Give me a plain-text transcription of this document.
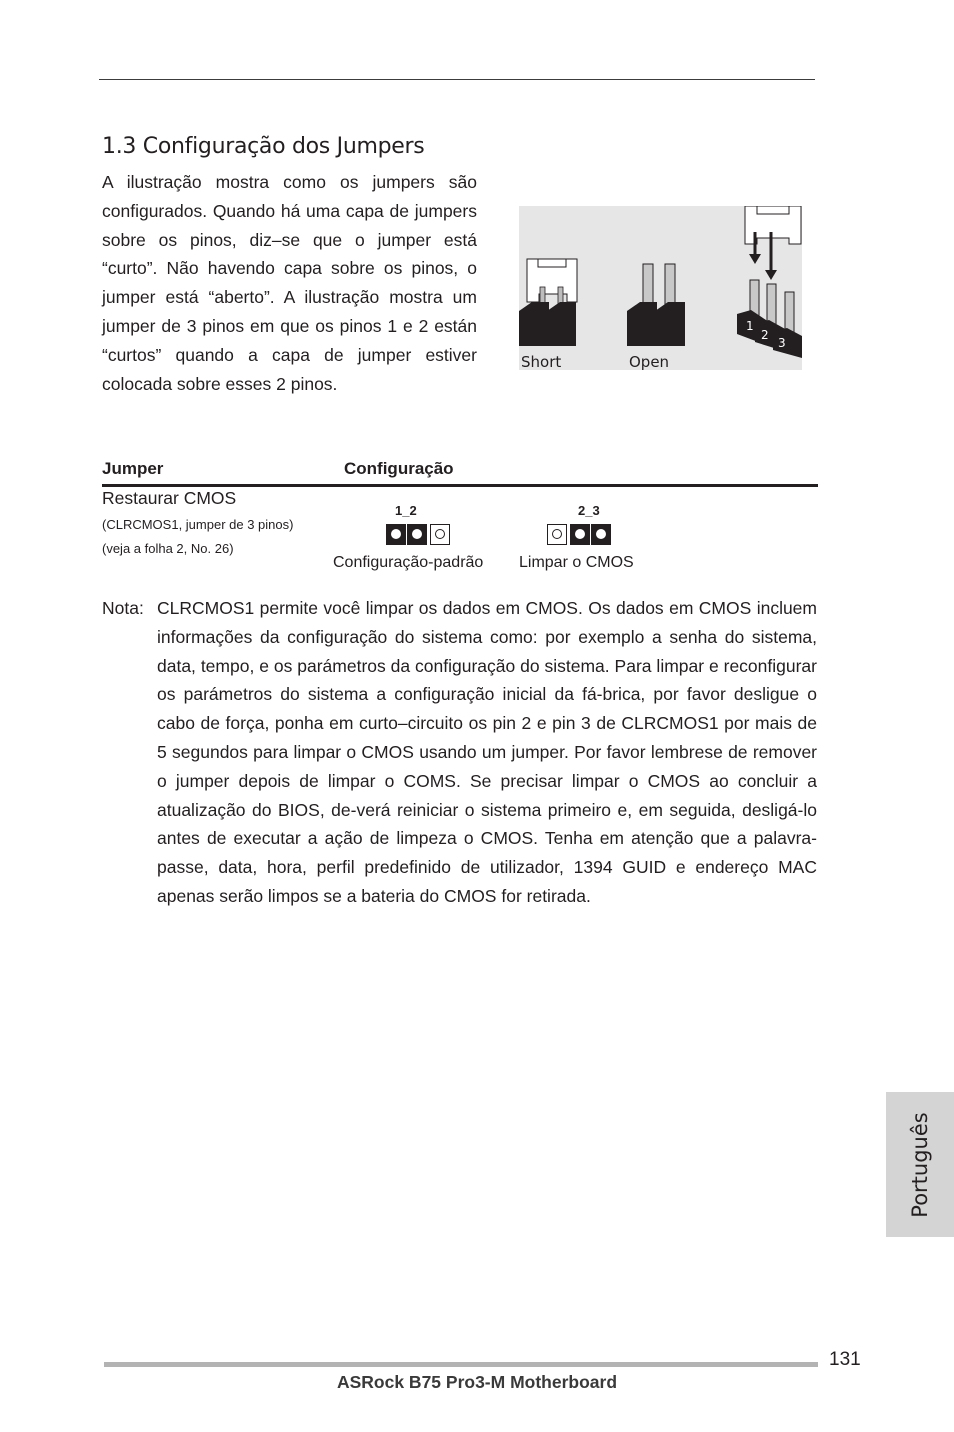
1.3 Configuração dos Jumpers

A ilustração mostra como os jumpers são configurados. Quando há uma capa de jumpers sobre os pinos, diz–se que o jumper está “curto”. Não havendo capa sobre os pinos, o jumper está “aberto”. A ilustração mostra um jumper de 3 pinos em que os pinos 1 e 2 están “curtos” quando a capa de jumper estiver colocada sobre esses 2 pinos.

1
2
3
Short	Open
Jumper	Configuração
Restaurar CMOS
(CLRCMOS1, jumper de 3 pinos)
(veja a folha 2, No. 26)
1_2
Configuração-padrão
2_3
Limpar o CMOS
Nota: CLRCMOS1 permite você limpar os dados em CMOS. Os dados em CMOS incluem informações da configuração do sistema como: por exemplo a senha do sistema, data, tempo, e os parámetros da configuração do sistema. Para limpar e reconfigurar os parámetros do sistema a configuração inicial da fá-brica, por favor desligue o cabo de força, ponha em curto–circuito os pin 2 e pin 3 de CLRCMOS1 por mais de 5 segundos para limpar o CMOS usando um jumper. Por favor lembrese de remover o jumper depois de limpar o COMS. Se precisar limpar o CMOS ao concluir a atualização do BIOS, de-verá reiniciar o sistema primeiro e, em seguida, desligá-lo antes de executar a ação de limpeza o CMOS. Tenha em atenção que a palavra-passe, data, hora, perfil predefinido de utilizador, 1394 GUID e endereço MAC apenas serão limpos se a bateria do CMOS for retirada.

Português
131
ASRock B75 Pro3-M Motherboard
